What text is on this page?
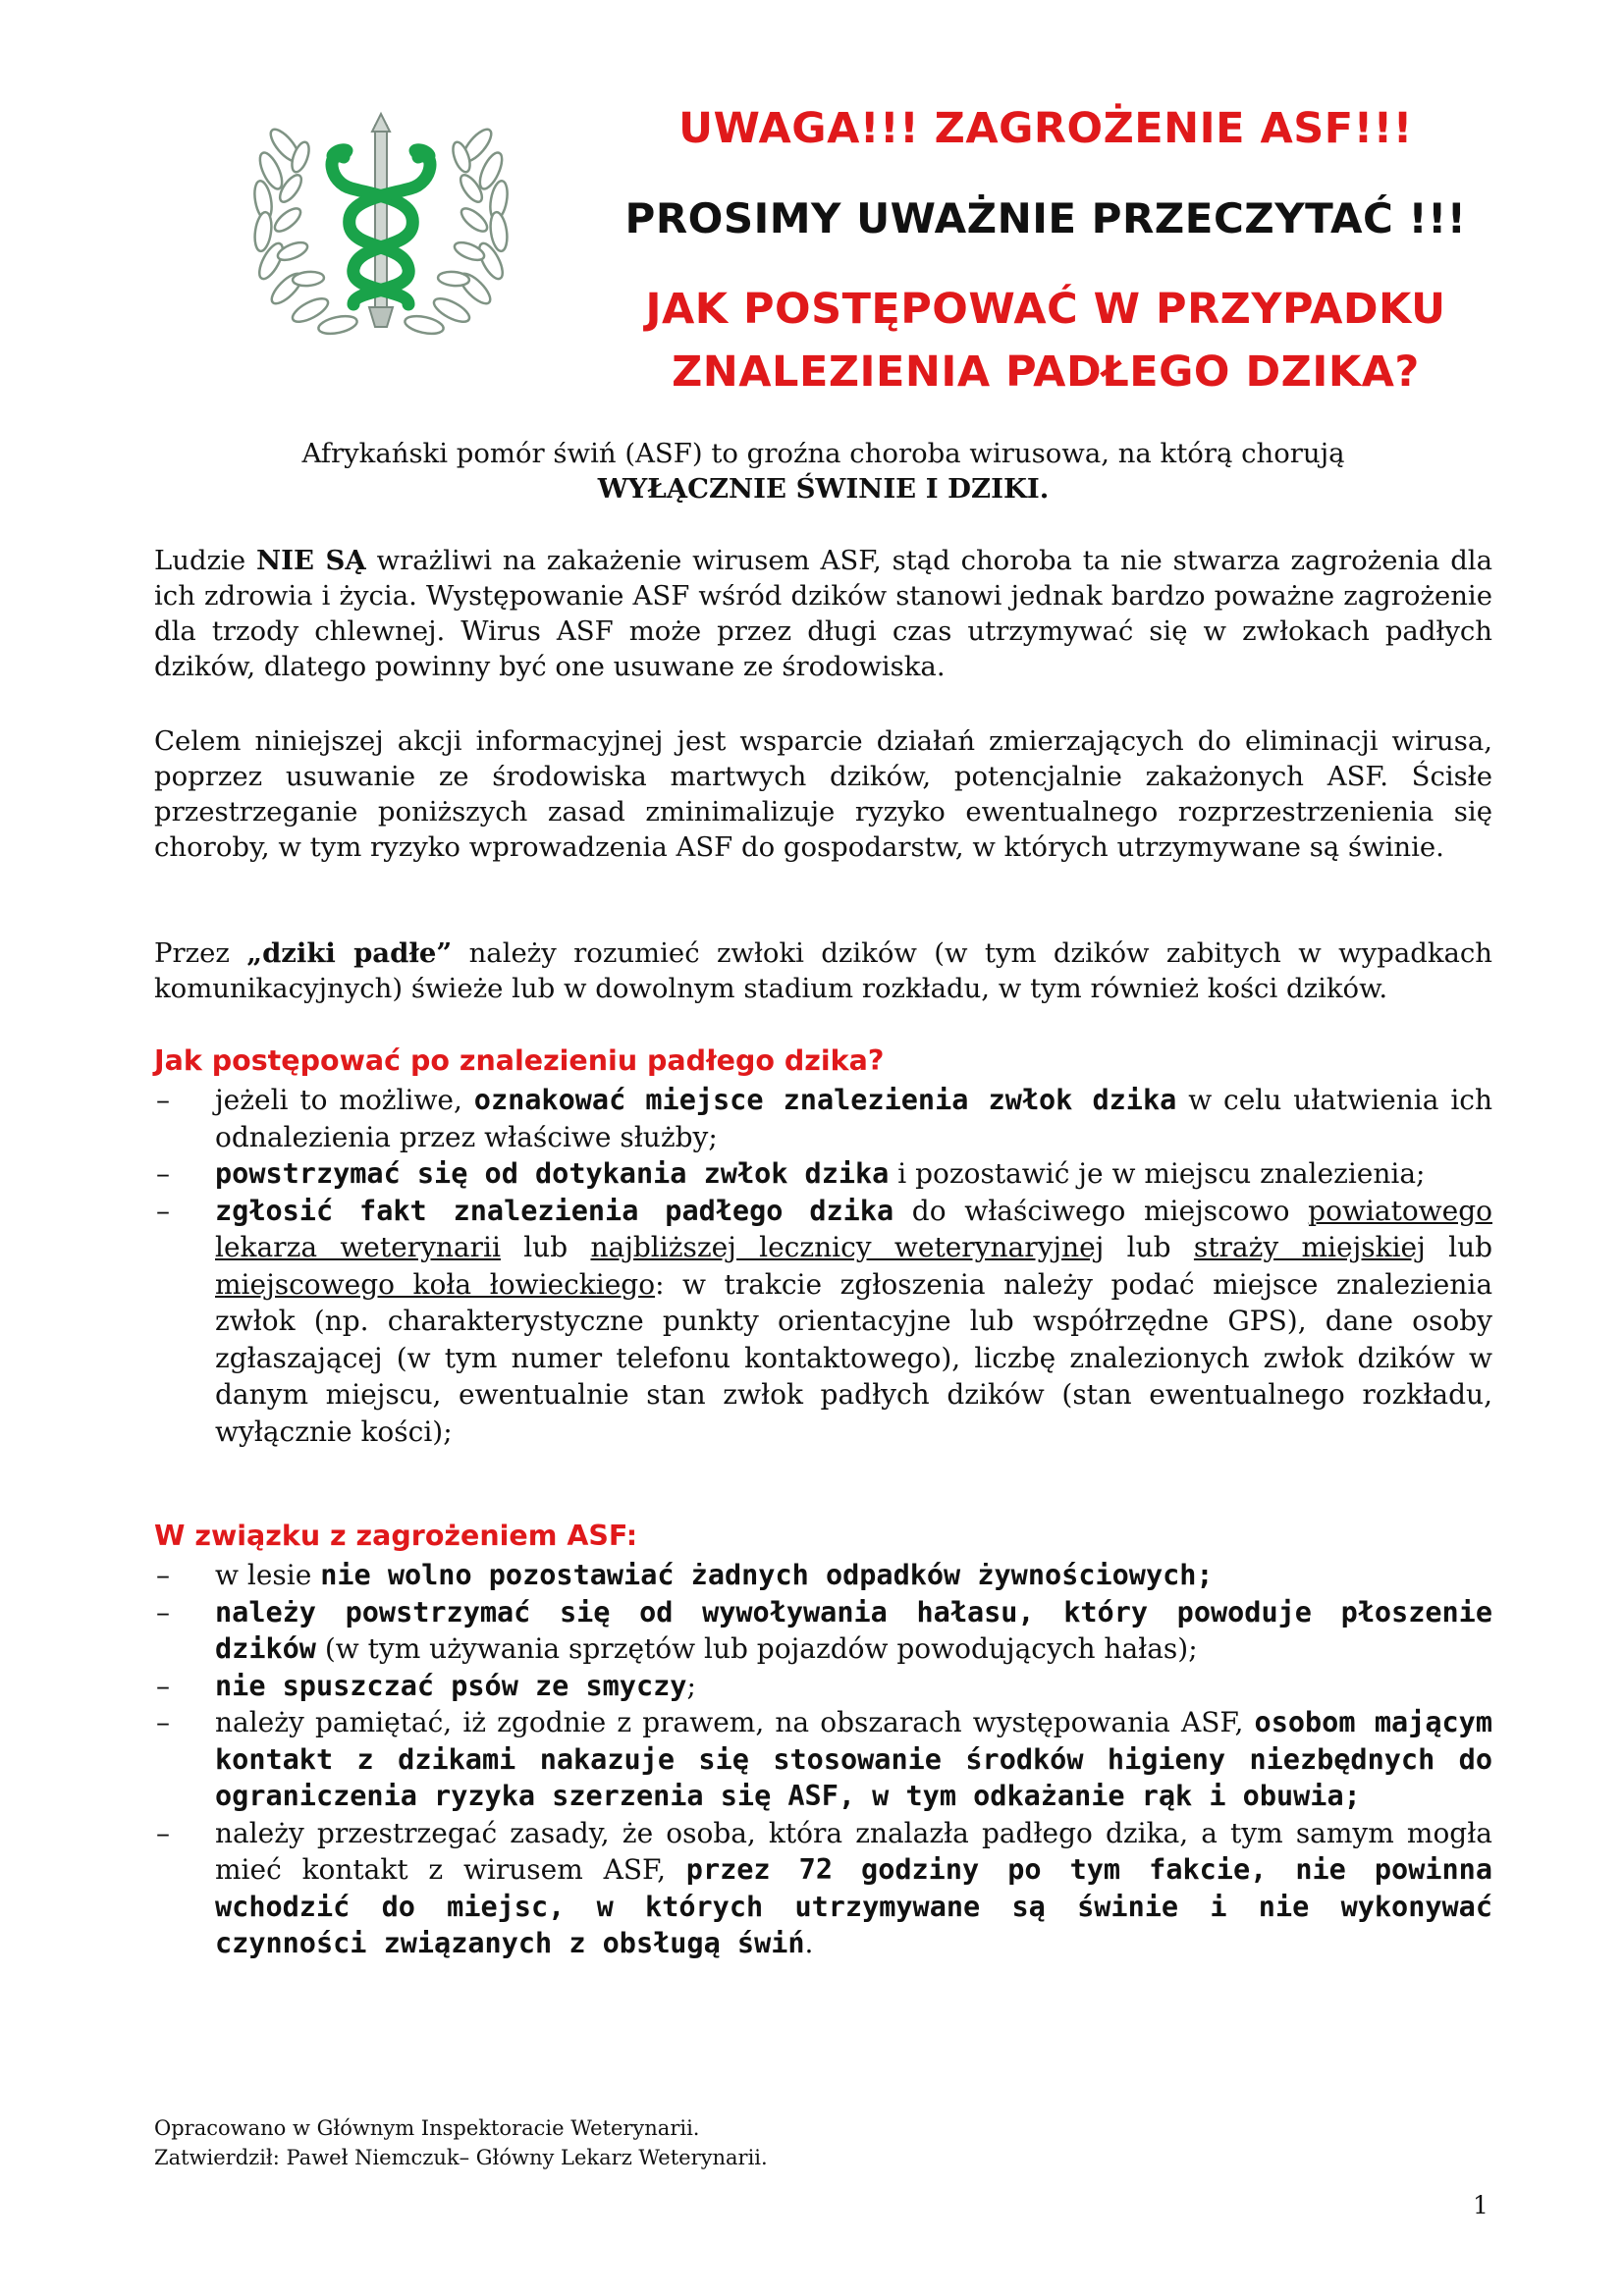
UWAGA!!! ZAGROŻENIE ASF!!!
PROSIMY UWAŻNIE PRZECZYTAĆ !!!
JAK POSTĘPOWAĆ W PRZYPADKU
ZNALEZIENIA PADŁEGO DZIKA?
Afrykański pomór świń (ASF) to groźna choroba wirusowa, na którą chorują
WYŁĄCZNIE ŚWINIE I DZIKI.

Ludzie NIE SĄ wrażliwi na zakażenie wirusem ASF, stąd choroba ta nie stwarza zagrożenia dla ich zdrowia i życia. Występowanie ASF wśród dzików stanowi jednak bardzo poważne zagrożenie dla trzody chlewnej. Wirus ASF może przez długi czas utrzymywać się w zwłokach padłych dzików, dlatego powinny być one usuwane ze środowiska.

Celem niniejszej akcji informacyjnej jest wsparcie działań zmierzających do eliminacji wirusa, poprzez usuwanie ze środowiska martwych dzików, potencjalnie zakażonych ASF. Ścisłe przestrzeganie poniższych zasad zminimalizuje ryzyko ewentualnego rozprzestrzenienia się choroby, w tym ryzyko wprowadzenia ASF do gospodarstw, w których utrzymywane są świnie.

Przez „dziki padłe” należy rozumieć zwłoki dzików (w tym dzików zabitych w wypadkach komunikacyjnych) świeże lub w dowolnym stadium rozkładu, w tym również kości dzików.

Jak postępować po znalezieniu padłego dzika?
– jeżeli to możliwe, oznakować miejsce znalezienia zwłok dzika w celu ułatwienia ich odnalezienia przez właściwe służby;
– powstrzymać się od dotykania zwłok dzika i pozostawić je w miejscu znalezienia;
– zgłosić fakt znalezienia padłego dzika do właściwego miejscowo powiatowego lekarza weterynarii lub najbliższej lecznicy weterynaryjnej lub straży miejskiej lub miejscowego koła łowieckiego: w trakcie zgłoszenia należy podać miejsce znalezienia zwłok (np. charakterystyczne punkty orientacyjne lub współrzędne GPS), dane osoby zgłaszającej (w tym numer telefonu kontaktowego), liczbę znalezionych zwłok dzików w danym miejscu, ewentualnie stan zwłok padłych dzików (stan ewentualnego rozkładu, wyłącznie kości);
W związku z zagrożeniem ASF:
– w lesie nie wolno pozostawiać żadnych odpadków żywnościowych;
– należy powstrzymać się od wywoływania hałasu, który powoduje płoszenie dzików (w tym używania sprzętów lub pojazdów powodujących hałas);
– nie spuszczać psów ze smyczy;
– należy pamiętać, iż zgodnie z prawem, na obszarach występowania ASF, osobom mającym kontakt z dzikami nakazuje się stosowanie środków higieny niezbędnych do ograniczenia ryzyka szerzenia się ASF, w tym odkażanie rąk i obuwia;
– należy przestrzegać zasady, że osoba, która znalazła padłego dzika, a tym samym mogła mieć kontakt z wirusem ASF, przez 72 godziny po tym fakcie, nie powinna wchodzić do miejsc, w których utrzymywane są świnie i nie wykonywać czynności związanych z obsługą świń.
Opracowano w Głównym Inspektoracie Weterynarii.
Zatwierdził: Paweł Niemczuk– Główny Lekarz Weterynarii.
1
